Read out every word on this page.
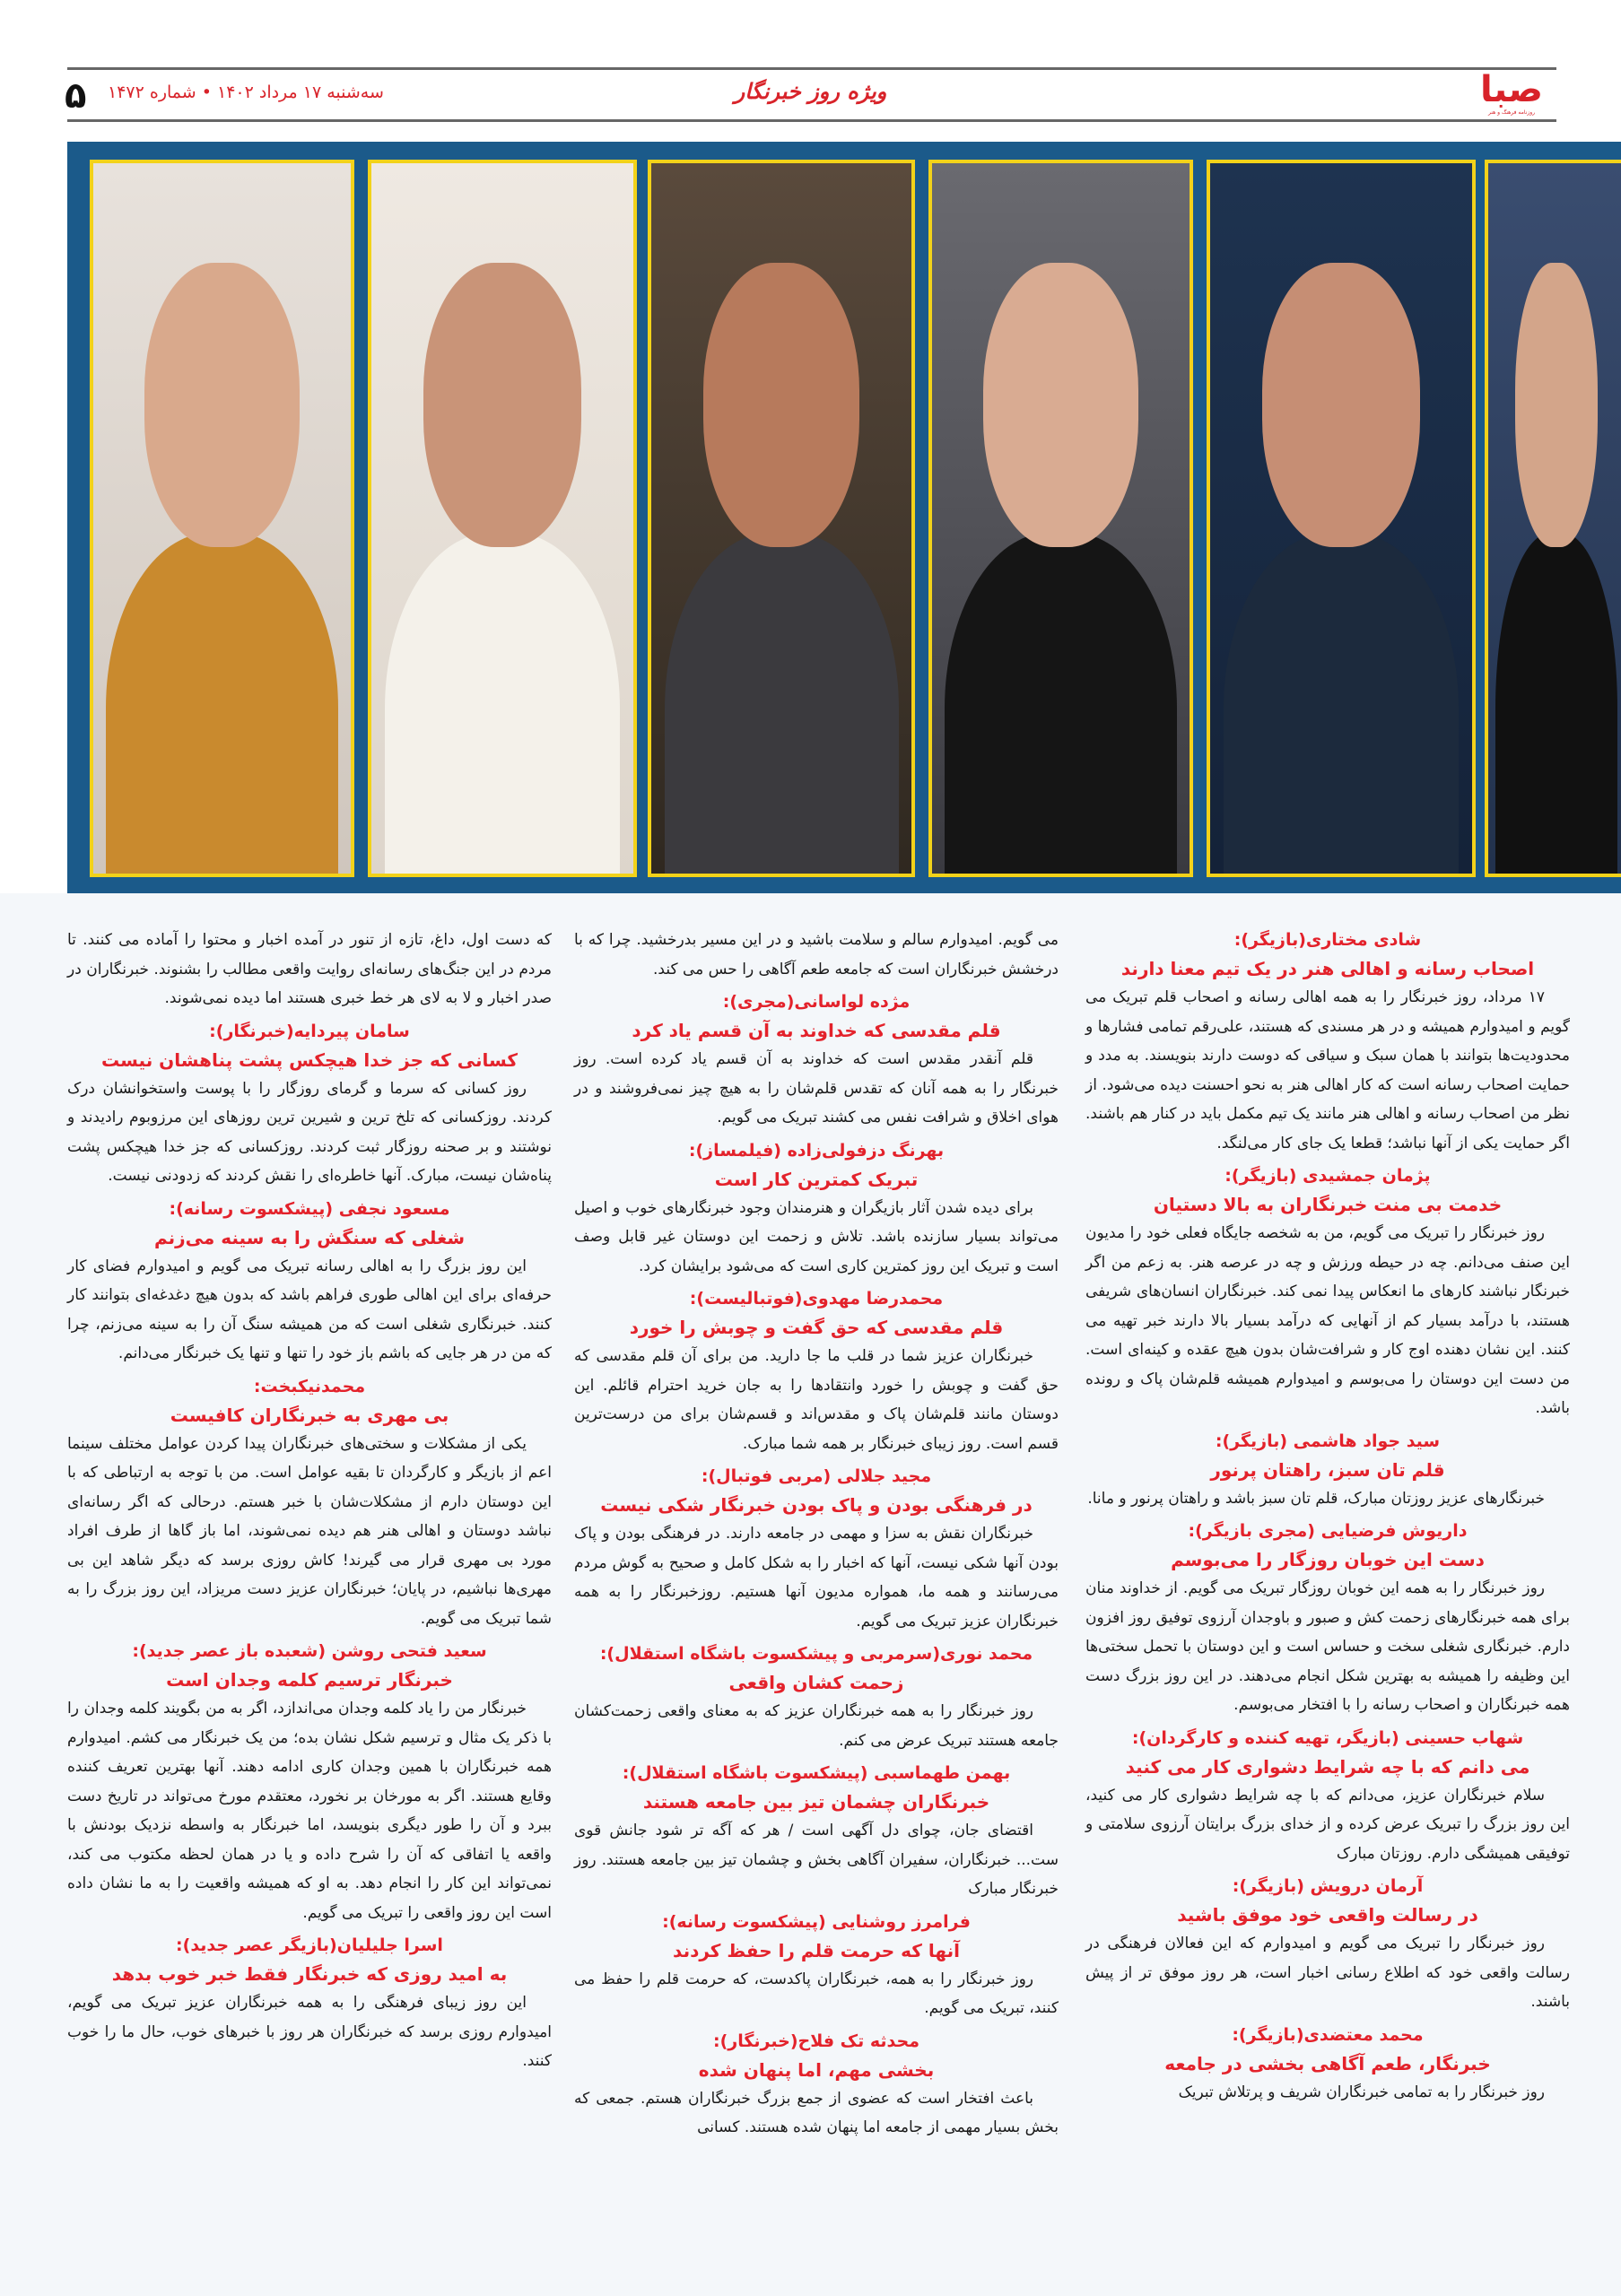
۵ سه‌شنبه ۱۷ مرداد ۱۴۰۲ • شماره ۱۴۷۲	ویژه روز خبرنگار	صبا
روزنامه فرهنگ و هنر
شادی مختاری(بازیگر):
اصحاب رسانه و اهالی هنر در یک تیم معنا دارند

۱۷ مرداد، روز خبرنگار را به همه اهالی رسانه و اصحاب قلم تبریک می گویم و امیدوارم همیشه و در هر مسندی که هستند، علی‌رقم تمامی فشارها و محدودیت‌ها بتوانند با همان سبک و سیاقی که دوست دارند بنویسند. به مدد و حمایت اصحاب رسانه است که کار اهالی هنر به نحو احسنت دیده می‌شود. از نظر من اصحاب رسانه و اهالی هنر مانند یک تیم مکمل باید در کنار هم باشند. اگر حمایت یکی از آنها نباشد؛ قطعا یک جای کار می‌لنگد.

پژمان جمشیدی (بازیگر):
خدمت بی منت خبرنگاران به بالا دستیان

روز خبرنگار را تبریک می گویم، من به شخصه جایگاه فعلی خود را مدیون این صنف می‌دانم. چه در حیطه ورزش و چه در عرصه هنر. به زعم من اگر خبرنگار نباشند کارهای ما انعکاس پیدا نمی کند. خبرنگاران انسان‌های شریفی هستند، با درآمد بسیار کم از آنهایی که درآمد بسیار بالا دارند خبر تهیه می کنند. این نشان دهنده اوج کار و شرافت‌شان بدون هیچ عقده و کینه‌ای است. من دست این دوستان را می‌بوسم و امیدوارم همیشه قلم‌شان پاک و رونده باشد.

سید جواد هاشمی (بازیگر):
قلم تان سبز، راهتان پرنور

خبرنگارهای عزیز روزتان مبارک، قلم تان سبز باشد و راهتان پرنور و مانا.

داریوش فرضیایی (مجری بازیگر):
دست این خوبان روزگار را می‌بوسم

روز خبرنگار را به همه این خوبان روزگار تبریک می گویم. از خداوند منان برای همه خبرنگارهای زحمت کش و صبور و باوجدان آرزوی توفیق روز افزون دارم. خبرنگاری شغلی سخت و حساس است و این دوستان با تحمل سختی‌ها این وظیفه را همیشه به بهترین شکل انجام می‌دهند. در این روز بزرگ دست همه خبرنگاران و اصحاب رسانه را با افتخار می‌بوسم.

شهاب حسینی (بازیگر، تهیه کننده و کارگردان):
می دانم که با چه شرایط دشواری کار می کنید

سلام خبرنگاران عزیز، می‌دانم که با چه شرایط دشواری کار می کنید، این روز بزرگ را تبریک عرض کرده و از خدای بزرگ برایتان آرزوی سلامتی و توفیقی همیشگی دارم. روزتان مبارک

آرمان درویش (بازیگر):
در رسالت واقعی خود موفق باشید

روز خبرنگار را تبریک می گویم و امیدوارم که این فعالان فرهنگی در رسالت واقعی خود که اطلاع رسانی اخبار است، هر روز موفق تر از پیش باشند.

محمد معتضدی(بازیگر):
خبرنگار، طعم آگاهی بخشی در جامعه

روز خبرنگار را به تمامی خبرنگاران شریف و پرتلاش تبریک

می گویم. امیدوارم سالم و سلامت باشید و در این مسیر بدرخشید. چرا که با درخشش خبرنگاران است که جامعه طعم آگاهی را حس می کند.

مژده لواسانی(مجری):
قلم مقدسی که خداوند به آن قسم یاد کرد

قلم آنقدر مقدس است که خداوند به آن قسم یاد کرده است. روز خبرنگار را به همه آنان که تقدس قلم‌شان را به هیچ چیز نمی‌فروشند و در هوای اخلاق و شرافت نفس می کشند تبریک می گویم.

بهرنگ دزفولی‌زاده (فیلمساز):
تبریک کمترین کار است

برای دیده شدن آثار بازیگران و هنرمندان وجود خبرنگارهای خوب و اصیل می‌تواند بسیار سازنده باشد. تلاش و زحمت این دوستان غیر قابل وصف است و تبریک این روز کمترین کاری است که می‌شود برایشان کرد.

محمدرضا مهدوی(فوتبالیست):
قلم مقدسی که حق گفت و چوبش را خورد

خبرنگاران عزیز شما در قلب ما جا دارید. من برای آن قلم مقدسی که حق گفت و چوبش را خورد وانتقادها را به جان خرید احترام قائلم. این دوستان مانند قلم‌شان پاک و مقدس‌اند و قسم‌شان برای من درست‌ترین قسم است. روز زیبای خبرنگار بر همه شما مبارک.

مجید جلالی (مربی فوتبال):
در فرهنگی بودن و پاک بودن خبرنگار شکی نیست

خبرنگاران نقش به سزا و مهمی در جامعه دارند. در فرهنگی بودن و پاک بودن آنها شکی نیست، آنها که اخبار را به شکل کامل و صحیح به گوش مردم می‌رسانند و همه ما، همواره مدیون آنها هستیم. روزخبرنگار را به همه خبرنگاران عزیز تبریک می گویم.

محمد نوری(سرمربی و پیشکسوت باشگاه استقلال):
زحمت کشان واقعی

روز خبرنگار را به همه خبرنگاران عزیز که به معنای واقعی زحمت‌کشان جامعه هستند تبریک عرض می کنم.

بهمن طهماسبی (پیشکسوت باشگاه استقلال):
خبرنگاران چشمان تیز بین جامعه هستند

اقتضای جان، چوای دل آگهی است / هر که آگه تر شود جانش قوی ست... خبرنگاران، سفیران آگاهی بخش و چشمان تیز بین جامعه هستند. روز خبرنگار مبارک

فرامرز روشنایی (پیشکسوت رسانه):
آنها که حرمت قلم را حفظ کردند

روز خبرنگار را به همه، خبرنگاران پاکدست، که حرمت قلم را حفظ می کنند، تبریک می گویم.

محدثه تک فلاح(خبرنگار):
بخشی مهم، اما پنهان شده

باعث افتخار است که عضوی از جمع بزرگ خبرنگاران هستم. جمعی که بخش بسیار مهمی از جامعه اما پنهان شده هستند. کسانی

که دست اول، داغ، تازه از تنور در آمده اخبار و محتوا را آماده می کنند. تا مردم در این جنگ‌های رسانه‌ای روایت واقعی مطالب را بشنوند. خبرنگاران در صدر اخبار و لا به لای هر خط خبری هستند اما دیده نمی‌شوند.

سامان پیردایه(خبرنگار):
کسانی که جز خدا هیچکس پشت پناهشان نیست

روز کسانی که سرما و گرمای روزگار را با پوست واستخوانشان درک کردند. روزکسانی که تلخ ترین و شیرین ترین روزهای این مرزوبوم رادیدند و نوشتند و بر صحنه روزگار ثبت کردند. روزکسانی که جز خدا هیچکس پشت پناه‌شان نیست، مبارک. آنها خاطره‌ای را نقش کردند که زدودنی نیست.

مسعود نجفی (پیشکسوت رسانه):
شغلی که سنگش را به سینه می‌زنم

این روز بزرگ را به اهالی رسانه تبریک می گویم و امیدوارم فضای کار حرفه‌ای برای این اهالی طوری فراهم باشد که بدون هیچ دغدغه‌ای بتوانند کار کنند. خبرنگاری شغلی است که من همیشه سنگ آن را به سینه می‌زنم، چرا که من در هر جایی که باشم باز خود را تنها و تنها یک خبرنگار می‌دانم.

محمدنیکبخت:
بی مهری به خبرنگاران کافیست

یکی از مشکلات و سختی‌های خبرنگاران پیدا کردن عوامل مختلف سینما اعم از بازیگر و کارگردان تا بقیه عوامل است. من با توجه به ارتباطی که با این دوستان دارم از مشکلات‌شان با خبر هستم. درحالی که اگر رسانه‌ای نباشد دوستان و اهالی هنر هم دیده نمی‌شوند، اما باز گاها از طرف افراد مورد بی مهری قرار می گیرند! کاش روزی برسد که دیگر شاهد این بی مهری‌ها نباشیم، در پایان؛ خبرنگاران عزیز دست مریزاد، این روز بزرگ را به شما تبریک می گویم.

سعید فتحی روشن (شعبده باز عصر جدید):
خبرنگار ترسیم کلمه وجدان است

خبرنگار من را یاد کلمه وجدان می‌اندازد، اگر به من بگویند کلمه وجدان را با ذکر یک مثال و ترسیم شکل نشان بده؛ من یک خبرنگار می کشم. امیدوارم همه خبرنگاران با همین وجدان کاری ادامه دهند. آنها بهترین تعریف کننده وقایع هستند. اگر به مورخان بر نخورد، معتقدم مورخ می‌تواند در تاریخ دست ببرد و آن را طور دیگری بنویسد، اما خبرنگار به واسطه نزدیک بودنش با واقعه یا اتفاقی که آن را شرح داده و یا در همان لحظه مکتوب می کند، نمی‌تواند این کار را انجام دهد. به او که همیشه واقعیت را به ما نشان داده است این روز واقعی را تبریک می گویم.

اسرا جلیلیان(بازیگر عصر جدید):
به امید روزی که خبرنگار فقط خبر خوب بدهد

این روز زیبای فرهنگی را به همه خبرنگاران عزیز تبریک می گویم، امیدوارم روزی برسد که خبرنگاران هر روز با خبرهای خوب، حال ما را خوب کنند.
